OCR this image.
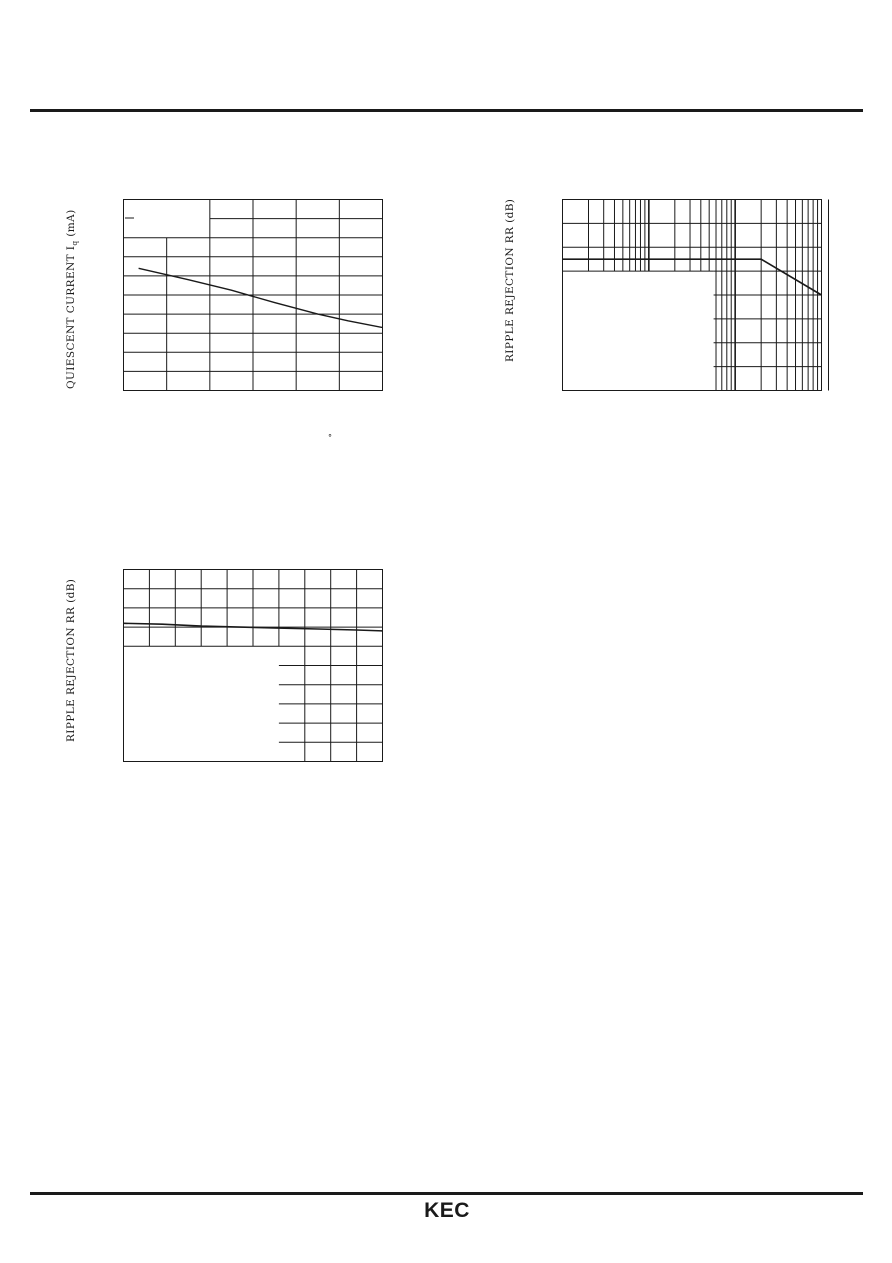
QUIESCENT CURRENT $I_q$ (mA)
°
RIPPLE REJECTION RR (dB)
RIPPLE REJECTION RR (dB)
KEC
